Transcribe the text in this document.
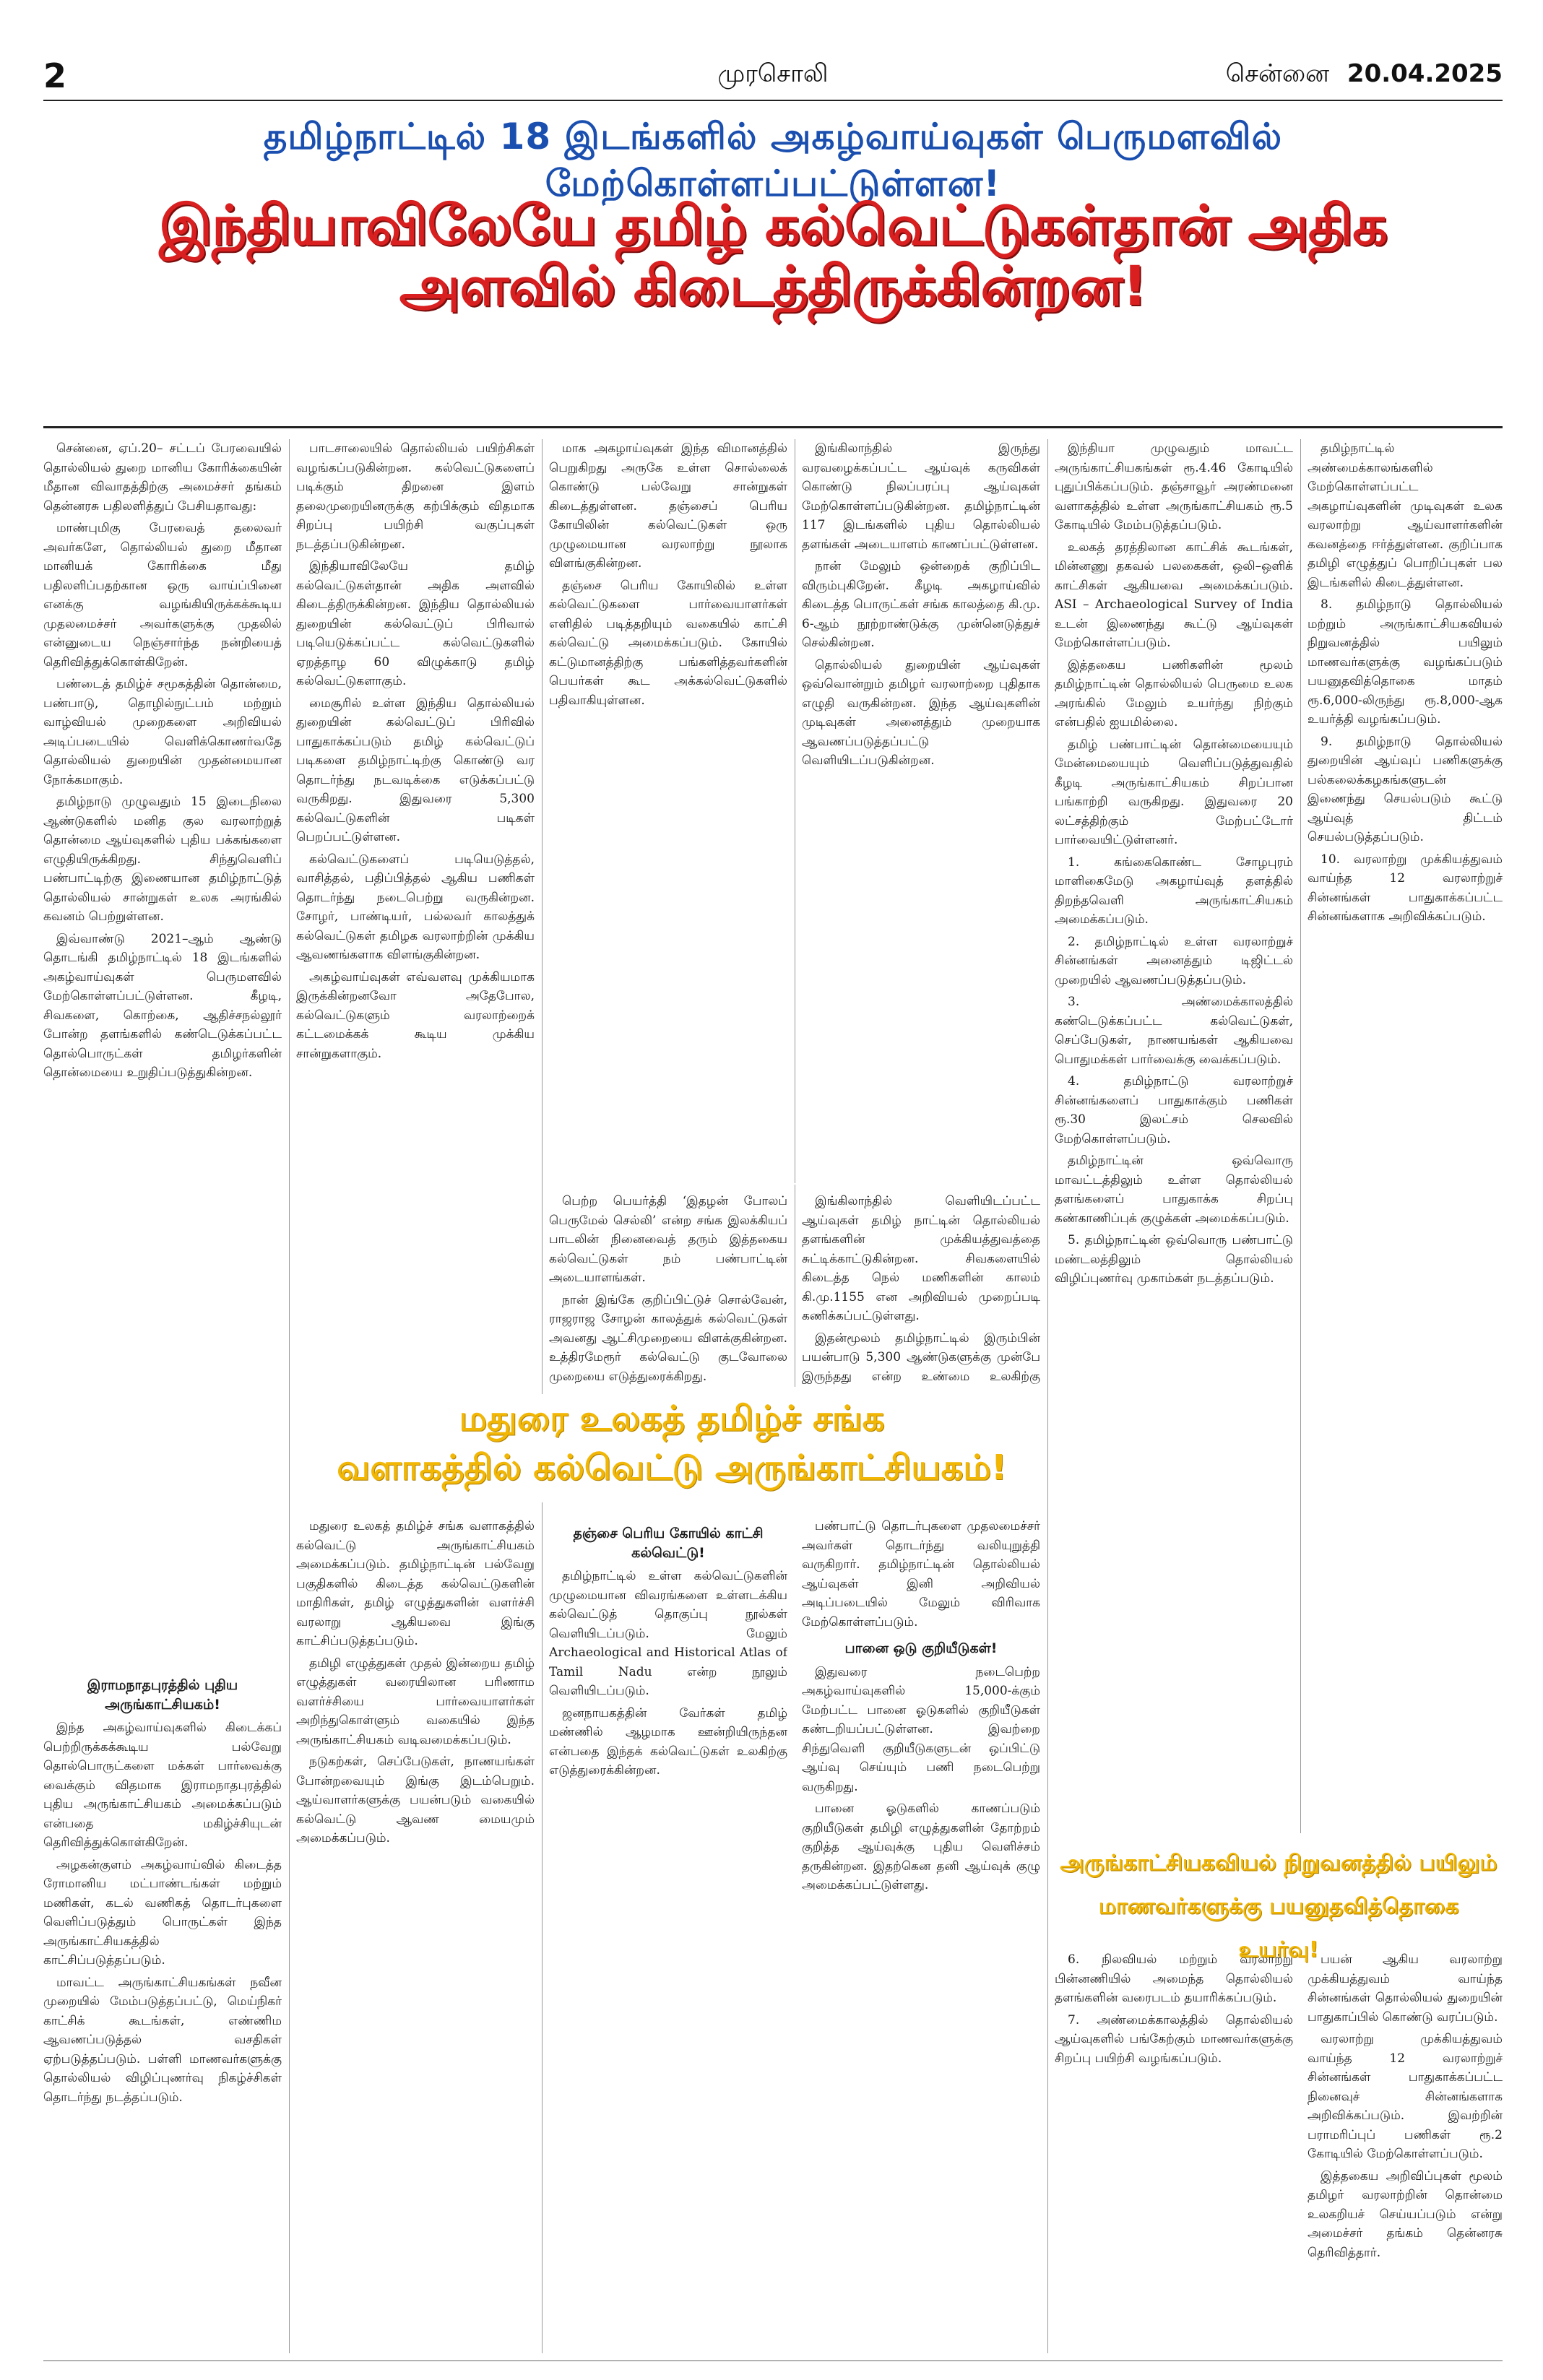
2	முரசொலி	சென்னை 20.04.2025
தமிழ்நாட்டில் 18 இடங்களில் அகழ்வாய்வுகள் பெருமளவில் மேற்கொள்ளப்பட்டுள்ளன!
இந்தியாவிலேயே தமிழ் கல்வெட்டுகள்தான் அதிக அளவில் கிடைத்திருக்கின்றன!

சென்னை, ஏப்.20– சட்டப் பேரவையில் தொல்லியல் துறை மானிய கோரிக்கையின் மீதான விவாதத்திற்கு அமைச்சர் தங்கம் தென்னரசு பதிலளித்துப் பேசியதாவது:

மாண்புமிகு பேரவைத் தலைவர் அவர்களே, தொல்லியல் துறை மீதான மானியக் கோரிக்கை மீது பதிலளிப்பதற்கான ஒரு வாய்ப்பினை எனக்கு வழங்கியிருக்கக்கூடிய முதலமைச்சர் அவர்களுக்கு முதலில் என்னுடைய நெஞ்சார்ந்த நன்றியைத் தெரிவித்துக்கொள்கிறேன்.

பண்டைத் தமிழ்ச் சமூகத்தின் தொன்மை, பண்பாடு, தொழில்நுட்பம் மற்றும் வாழ்வியல் முறைகளை அறிவியல் அடிப்படையில் வெளிக்கொணர்வதே தொல்லியல் துறையின் முதன்மையான நோக்கமாகும்.

தமிழ்நாடு முழுவதும் 15 இடைநிலை ஆண்டுகளில் மனித குல வரலாற்றுத் தொன்மை ஆய்வுகளில் புதிய பக்கங்களை எழுதியிருக்கிறது. சிந்துவெளிப் பண்பாட்டிற்கு இணையான தமிழ்நாட்டுத் தொல்லியல் சான்றுகள் உலக அரங்கில் கவனம் பெற்றுள்ளன.

இவ்வாண்டு 2021–ஆம் ஆண்டு தொடங்கி தமிழ்நாட்டில் 18 இடங்களில் அகழ்வாய்வுகள் பெருமளவில் மேற்கொள்ளப்பட்டுள்ளன. கீழடி, சிவகளை, கொற்கை, ஆதிச்சநல்லூர் போன்ற தளங்களில் கண்டெடுக்கப்பட்ட தொல்பொருட்கள் தமிழர்களின் தொன்மையை உறுதிப்படுத்துகின்றன.

இராமநாதபுரத்தில் புதிய அருங்காட்சியகம்!

இந்த அகழ்வாய்வுகளில் கிடைக்கப் பெற்றிருக்கக்கூடிய பல்வேறு தொல்பொருட்களை மக்கள் பார்வைக்கு வைக்கும் விதமாக இராமநாதபுரத்தில் புதிய அருங்காட்சியகம் அமைக்கப்படும் என்பதை மகிழ்ச்சியுடன் தெரிவித்துக்கொள்கிறேன்.

அழகன்குளம் அகழ்வாய்வில் கிடைத்த ரோமானிய மட்பாண்டங்கள் மற்றும் மணிகள், கடல் வணிகத் தொடர்புகளை வெளிப்படுத்தும் பொருட்கள் இந்த அருங்காட்சியகத்தில் காட்சிப்படுத்தப்படும்.

மாவட்ட அருங்காட்சியகங்கள் நவீன முறையில் மேம்படுத்தப்பட்டு, மெய்நிகர் காட்சிக் கூடங்கள், எண்ணிம ஆவணப்படுத்தல் வசதிகள் ஏற்படுத்தப்படும். பள்ளி மாணவர்களுக்கு தொல்லியல் விழிப்புணர்வு நிகழ்ச்சிகள் தொடர்ந்து நடத்தப்படும்.

பாடசாலையில் தொல்லியல் பயிற்சிகள் வழங்கப்படுகின்றன. கல்வெட்டுகளைப் படிக்கும் திறனை இளம் தலைமுறையினருக்கு கற்பிக்கும் விதமாக சிறப்பு பயிற்சி வகுப்புகள் நடத்தப்படுகின்றன.

இந்தியாவிலேயே தமிழ் கல்வெட்டுகள்தான் அதிக அளவில் கிடைத்திருக்கின்றன. இந்திய தொல்லியல் துறையின் கல்வெட்டுப் பிரிவால் படியெடுக்கப்பட்ட கல்வெட்டுகளில் ஏறத்தாழ 60 விழுக்காடு தமிழ் கல்வெட்டுகளாகும்.

மைசூரில் உள்ள இந்திய தொல்லியல் துறையின் கல்வெட்டுப் பிரிவில் பாதுகாக்கப்படும் தமிழ் கல்வெட்டுப் படிகளை தமிழ்நாட்டிற்கு கொண்டு வர தொடர்ந்து நடவடிக்கை எடுக்கப்பட்டு வருகிறது. இதுவரை 5,300 கல்வெட்டுகளின் படிகள் பெறப்பட்டுள்ளன.

கல்வெட்டுகளைப் படியெடுத்தல், வாசித்தல், பதிப்பித்தல் ஆகிய பணிகள் தொடர்ந்து நடைபெற்று வருகின்றன. சோழர், பாண்டியர், பல்லவர் காலத்துக் கல்வெட்டுகள் தமிழக வரலாற்றின் முக்கிய ஆவணங்களாக விளங்குகின்றன.

அகழ்வாய்வுகள் எவ்வளவு முக்கியமாக இருக்கின்றனவோ அதேபோல, கல்வெட்டுகளும் வரலாற்றைக் கட்டமைக்கக் கூடிய முக்கிய சான்றுகளாகும்.

பெற்ற பெயர்த்தி ‘இதழன் போலப் பெருமேல் செல்லி’ என்ற சங்க இலக்கியப் பாடலின் நினைவைத் தரும் இத்தகைய கல்வெட்டுகள் நம் பண்பாட்டின் அடையாளங்கள்.

நான் இங்கே குறிப்பிட்டுச் சொல்வேன், ராஜராஜ சோழன் காலத்துக் கல்வெட்டுகள் அவனது ஆட்சிமுறையை விளக்குகின்றன. உத்திரமேரூர் கல்வெட்டு குடவோலை முறையை எடுத்துரைக்கிறது.

இங்கிலாந்தில் வெளியிடப்பட்ட ஆய்வுகள் தமிழ் நாட்டின் தொல்லியல் தளங்களின் முக்கியத்துவத்தை சுட்டிக்காட்டுகின்றன. சிவகளையில் கிடைத்த நெல் மணிகளின் காலம் கி.மு.1155 என அறிவியல் முறைப்படி கணிக்கப்பட்டுள்ளது.

இதன்மூலம் தமிழ்நாட்டில் இரும்பின் பயன்பாடு 5,300 ஆண்டுகளுக்கு முன்பே இருந்தது என்ற உண்மை உலகிற்கு

இங்கிலாந்தில் இருந்து வரவழைக்கப்பட்ட ஆய்வுக் கருவிகள் கொண்டு நிலப்பரப்பு ஆய்வுகள் மேற்கொள்ளப்படுகின்றன. தமிழ்நாட்டின் 117 இடங்களில் புதிய தொல்லியல் தளங்கள் அடையாளம் காணப்பட்டுள்ளன.

நான் மேலும் ஒன்றைக் குறிப்பிட விரும்புகிறேன். கீழடி அகழாய்வில் கிடைத்த பொருட்கள் சங்க காலத்தை கி.மு. 6-ஆம் நூற்றாண்டுக்கு முன்னெடுத்துச் செல்கின்றன.

தொல்லியல் துறையின் ஆய்வுகள் ஒவ்வொன்றும் தமிழர் வரலாற்றை புதிதாக எழுதி வருகின்றன. இந்த ஆய்வுகளின் முடிவுகள் அனைத்தும் முறையாக ஆவணப்படுத்தப்பட்டு வெளியிடப்படுகின்றன.

மாக அகழாய்வுகள் இந்த விமானத்தில் பெறுகிறது அருகே உள்ள சொல்லைக் கொண்டு பல்வேறு சான்றுகள் கிடைத்துள்ளன. தஞ்சைப் பெரிய கோயிலின் கல்வெட்டுகள் ஒரு முழுமையான வரலாற்று நூலாக விளங்குகின்றன.

தஞ்சை பெரிய கோயிலில் உள்ள கல்வெட்டுகளை பார்வையாளர்கள் எளிதில் படித்தறியும் வகையில் காட்சி கல்வெட்டு அமைக்கப்படும். கோயில் கட்டுமானத்திற்கு பங்களித்தவர்களின் பெயர்கள் கூட அக்கல்வெட்டுகளில் பதிவாகியுள்ளன.

மதுரை உலகத் தமிழ்ச் சங்க
வளாகத்தில் கல்வெட்டு அருங்காட்சியகம்!

மதுரை உலகத் தமிழ்ச் சங்க வளாகத்தில் கல்வெட்டு அருங்காட்சியகம் அமைக்கப்படும். தமிழ்நாட்டின் பல்வேறு பகுதிகளில் கிடைத்த கல்வெட்டுகளின் மாதிரிகள், தமிழ் எழுத்துகளின் வளர்ச்சி வரலாறு ஆகியவை இங்கு காட்சிப்படுத்தப்படும்.

தமிழி எழுத்துகள் முதல் இன்றைய தமிழ் எழுத்துகள் வரையிலான பரிணாம வளர்ச்சியை பார்வையாளர்கள் அறிந்துகொள்ளும் வகையில் இந்த அருங்காட்சியகம் வடிவமைக்கப்படும்.

நடுகற்கள், செப்பேடுகள், நாணயங்கள் போன்றவையும் இங்கு இடம்பெறும். ஆய்வாளர்களுக்கு பயன்படும் வகையில் கல்வெட்டு ஆவண மையமும் அமைக்கப்படும்.

தஞ்சை பெரிய கோயில் காட்சி கல்வெட்டு!

தமிழ்நாட்டில் உள்ள கல்வெட்டுகளின் முழுமையான விவரங்களை உள்ளடக்கிய கல்வெட்டுத் தொகுப்பு நூல்கள் வெளியிடப்படும். மேலும் Archaeological and Historical Atlas of Tamil Nadu என்ற நூலும் வெளியிடப்படும்.

ஜனநாயகத்தின் வேர்கள் தமிழ் மண்ணில் ஆழமாக ஊன்றியிருந்தன என்பதை இந்தக் கல்வெட்டுகள் உலகிற்கு எடுத்துரைக்கின்றன.

பண்பாட்டு தொடர்புகளை முதலமைச்சர் அவர்கள் தொடர்ந்து வலியுறுத்தி வருகிறார். தமிழ்நாட்டின் தொல்லியல் ஆய்வுகள் இனி அறிவியல் அடிப்படையில் மேலும் விரிவாக மேற்கொள்ளப்படும்.

பானை ஒடு குறியீடுகள்!

இதுவரை நடைபெற்ற அகழ்வாய்வுகளில் 15,000-க்கும் மேற்பட்ட பானை ஓடுகளில் குறியீடுகள் கண்டறியப்பட்டுள்ளன. இவற்றை சிந்துவெளி குறியீடுகளுடன் ஒப்பிட்டு ஆய்வு செய்யும் பணி நடைபெற்று வருகிறது.

பானை ஓடுகளில் காணப்படும் குறியீடுகள் தமிழி எழுத்துகளின் தோற்றம் குறித்த ஆய்வுக்கு புதிய வெளிச்சம் தருகின்றன. இதற்கென தனி ஆய்வுக் குழு அமைக்கப்பட்டுள்ளது.

இந்தியா முழுவதும் மாவட்ட அருங்காட்சியகங்கள் ரூ.4.46 கோடியில் புதுப்பிக்கப்படும். தஞ்சாவூர் அரண்மனை வளாகத்தில் உள்ள அருங்காட்சியகம் ரூ.5 கோடியில் மேம்படுத்தப்படும்.

உலகத் தரத்திலான காட்சிக் கூடங்கள், மின்னணு தகவல் பலகைகள், ஒலி–ஒளிக் காட்சிகள் ஆகியவை அமைக்கப்படும். ASI – Archaeological Survey of India உடன் இணைந்து கூட்டு ஆய்வுகள் மேற்கொள்ளப்படும்.

இத்தகைய பணிகளின் மூலம் தமிழ்நாட்டின் தொல்லியல் பெருமை உலக அரங்கில் மேலும் உயர்ந்து நிற்கும் என்பதில் ஐயமில்லை.

தமிழ் பண்பாட்டின் தொன்மையையும் மேன்மையையும் வெளிப்படுத்துவதில் கீழடி அருங்காட்சியகம் சிறப்பான பங்காற்றி வருகிறது. இதுவரை 20 லட்சத்திற்கும் மேற்பட்டோர் பார்வையிட்டுள்ளனர்.

1. கங்கைகொண்ட சோழபுரம் மாளிகைமேடு அகழாய்வுத் தளத்தில் திறந்தவெளி அருங்காட்சியகம் அமைக்கப்படும்.

2. தமிழ்நாட்டில் உள்ள வரலாற்றுச் சின்னங்கள் அனைத்தும் டிஜிட்டல் முறையில் ஆவணப்படுத்தப்படும்.

3. அண்மைக்காலத்தில் கண்டெடுக்கப்பட்ட கல்வெட்டுகள், செப்பேடுகள், நாணயங்கள் ஆகியவை பொதுமக்கள் பார்வைக்கு வைக்கப்படும்.

4. தமிழ்நாட்டு வரலாற்றுச் சின்னங்களைப் பாதுகாக்கும் பணிகள் ரூ.30 இலட்சம் செலவில் மேற்கொள்ளப்படும்.

தமிழ்நாட்டின் ஒவ்வொரு மாவட்டத்திலும் உள்ள தொல்லியல் தளங்களைப் பாதுகாக்க சிறப்பு கண்காணிப்புக் குழுக்கள் அமைக்கப்படும்.

5. தமிழ்நாட்டின் ஒவ்வொரு பண்பாட்டு மண்டலத்திலும் தொல்லியல் விழிப்புணர்வு முகாம்கள் நடத்தப்படும்.

தமிழ்நாட்டில் அண்மைக்காலங்களில் மேற்கொள்ளப்பட்ட அகழாய்வுகளின் முடிவுகள் உலக வரலாற்று ஆய்வாளர்களின் கவனத்தை ஈர்த்துள்ளன. குறிப்பாக தமிழி எழுத்துப் பொறிப்புகள் பல இடங்களில் கிடைத்துள்ளன.

8. தமிழ்நாடு தொல்லியல் மற்றும் அருங்காட்சியகவியல் நிறுவனத்தில் பயிலும் மாணவர்களுக்கு வழங்கப்படும் பயனுதவித்தொகை மாதம் ரூ.6,000-லிருந்து ரூ.8,000-ஆக உயர்த்தி வழங்கப்படும்.

9. தமிழ்நாடு தொல்லியல் துறையின் ஆய்வுப் பணிகளுக்கு பல்கலைக்கழகங்களுடன் இணைந்து செயல்படும் கூட்டு ஆய்வுத் திட்டம் செயல்படுத்தப்படும்.

10. வரலாற்று முக்கியத்துவம் வாய்ந்த 12 வரலாற்றுச் சின்னங்கள் பாதுகாக்கப்பட்ட சின்னங்களாக அறிவிக்கப்படும்.

அருங்காட்சியகவியல் நிறுவனத்தில் பயிலும்
மாணவர்களுக்கு பயனுதவித்தொகை உயர்வு!

6. நிலவியல் மற்றும் வரலாற்று பின்னணியில் அமைந்த தொல்லியல் தளங்களின் வரைபடம் தயாரிக்கப்படும்.

7. அண்மைக்காலத்தில் தொல்லியல் ஆய்வுகளில் பங்கேற்கும் மாணவர்களுக்கு சிறப்பு பயிற்சி வழங்கப்படும்.

பயன் ஆகிய வரலாற்று முக்கியத்துவம் வாய்ந்த சின்னங்கள் தொல்லியல் துறையின் பாதுகாப்பில் கொண்டு வரப்படும்.

வரலாற்று முக்கியத்துவம் வாய்ந்த 12 வரலாற்றுச் சின்னங்கள் பாதுகாக்கப்பட்ட நினைவுச் சின்னங்களாக அறிவிக்கப்படும். இவற்றின் பராமரிப்புப் பணிகள் ரூ.2 கோடியில் மேற்கொள்ளப்படும்.

இத்தகைய அறிவிப்புகள் மூலம் தமிழர் வரலாற்றின் தொன்மை உலகறியச் செய்யப்படும் என்று அமைச்சர் தங்கம் தென்னரசு தெரிவித்தார்.
